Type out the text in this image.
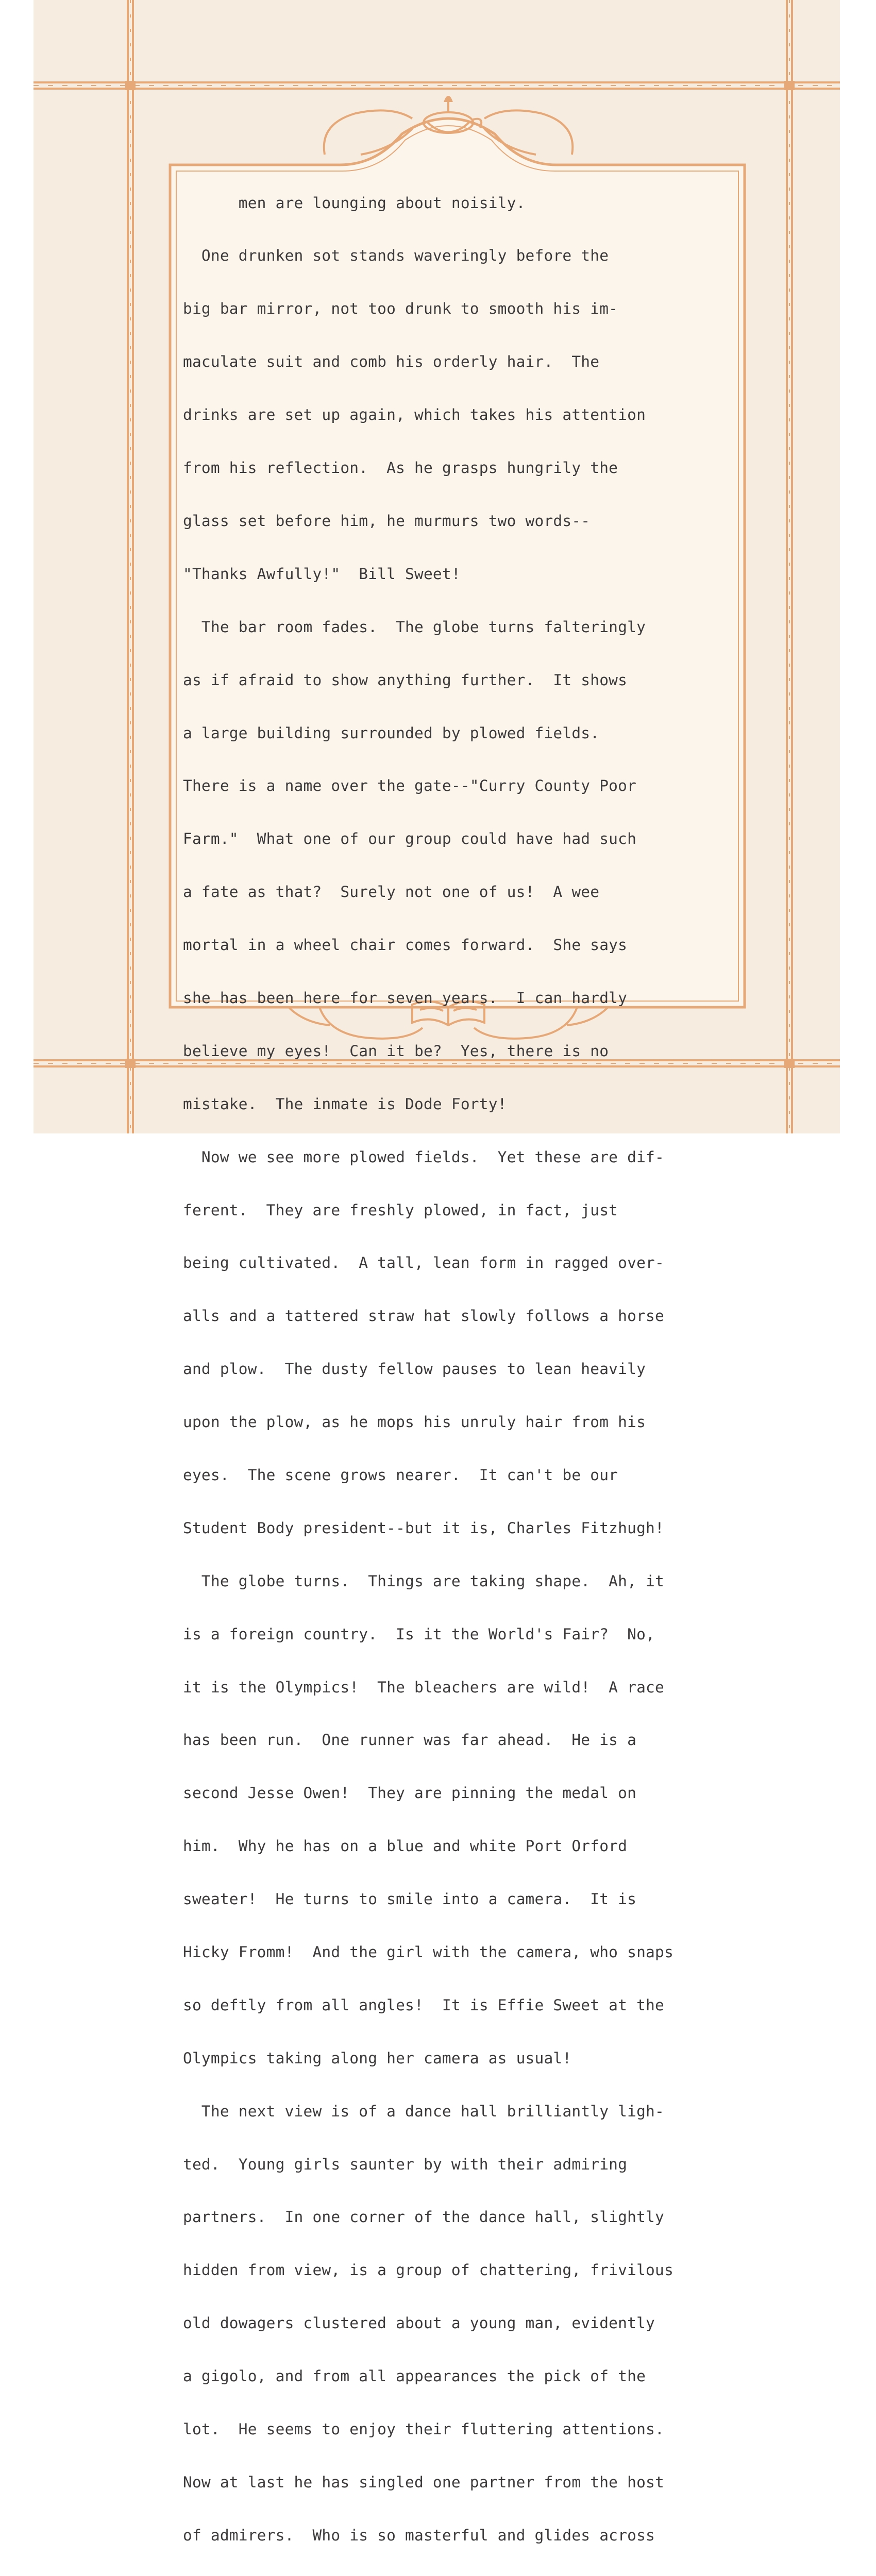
men are lounging about noisily.

One drunken sot stands waveringly before the

big bar mirror, not too drunk to smooth his im-

maculate suit and comb his orderly hair.  The

drinks are set up again, which takes his attention

from his reflection.  As he grasps hungrily the

glass set before him, he murmurs two words--

"Thanks Awfully!"  Bill Sweet!

The bar room fades.  The globe turns falteringly

as if afraid to show anything further.  It shows

a large building surrounded by plowed fields.

There is a name over the gate--"Curry County Poor

Farm."  What one of our group could have had such

a fate as that?  Surely not one of us!  A wee

mortal in a wheel chair comes forward.  She says

she has been here for seven years.  I can hardly

believe my eyes!  Can it be?  Yes, there is no

mistake.  The inmate is Dode Forty!

Now we see more plowed fields.  Yet these are dif-

ferent.  They are freshly plowed, in fact, just

being cultivated.  A tall, lean form in ragged over-

alls and a tattered straw hat slowly follows a horse

and plow.  The dusty fellow pauses to lean heavily

upon the plow, as he mops his unruly hair from his

eyes.  The scene grows nearer.  It can't be our

Student Body president--but it is, Charles Fitzhugh!

The globe turns.  Things are taking shape.  Ah, it

is a foreign country.  Is it the World's Fair?  No,

it is the Olympics!  The bleachers are wild!  A race

has been run.  One runner was far ahead.  He is a

second Jesse Owen!  They are pinning the medal on

him.  Why he has on a blue and white Port Orford

sweater!  He turns to smile into a camera.  It is

Hicky Fromm!  And the girl with the camera, who snaps

so deftly from all angles!  It is Effie Sweet at the

Olympics taking along her camera as usual!

The next view is of a dance hall brilliantly ligh-

ted.  Young girls saunter by with their admiring

partners.  In one corner of the dance hall, slightly

hidden from view, is a group of chattering, frivilous

old dowagers clustered about a young man, evidently

a gigolo, and from all appearances the pick of the

lot.  He seems to enjoy their fluttering attentions.

Now at last he has singled one partner from the host

of admirers.  Who is so masterful and glides across
